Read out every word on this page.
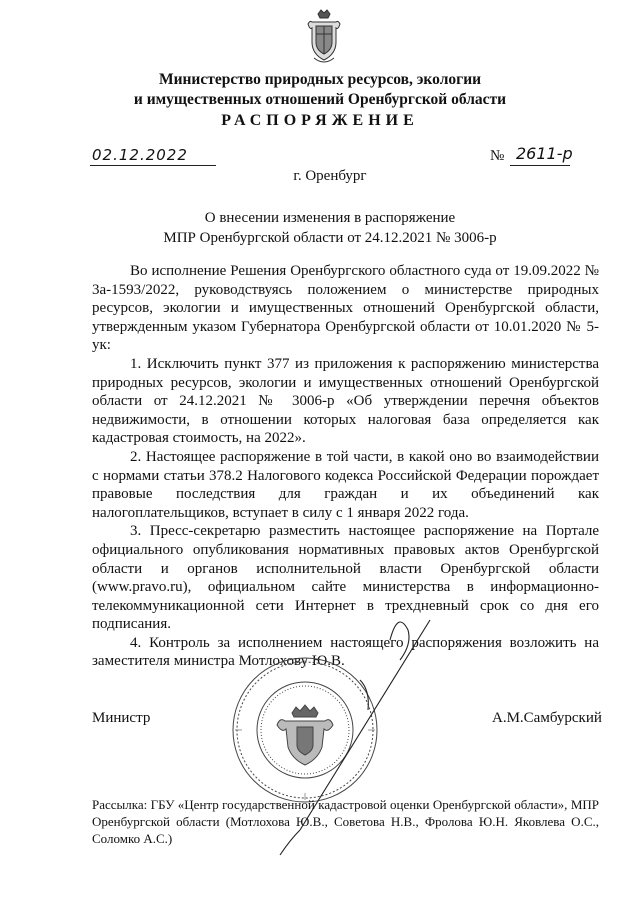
Министерство природных ресурсов, экологии
и имущественных отношений Оренбургской области
РАСПОРЯЖЕНИЕ
02.12.2022	№ 2611-р
г. Оренбург
О внесении изменения в распоряжение
МПР Оренбургской области от 24.12.2021 № 3006-р

Во исполнение Решения Оренбургского областного суда от 19.09.2022 № 3а-1593/2022, руководствуясь положением о министерстве природных ресурсов, экологии и имущественных отношений Оренбургской области, утвержденным указом Губернатора Оренбургской области от 10.01.2020 № 5-ук:

1. Исключить пункт 377 из приложения к распоряжению министерства природных ресурсов, экологии и имущественных отношений Оренбургской области от 24.12.2021 № 3006-р «Об утверждении перечня объектов недвижимости, в отношении которых налоговая база определяется как кадастровая стоимость, на 2022».

2. Настоящее распоряжение в той части, в какой оно во взаимодействии с нормами статьи 378.2 Налогового кодекса Российской Федерации порождает правовые последствия для граждан и их объединений как налогоплательщиков, вступает в силу с 1 января 2022 года.

3. Пресс-секретарю разместить настоящее распоряжение на Портале официального опубликования нормативных правовых актов Оренбургской области и органов исполнительной власти Оренбургской области (www.pravo.ru), официальном сайте министерства в информационно-телекоммуникационной сети Интернет в трехдневный срок со дня его подписания.

4. Контроль за исполнением настоящего распоряжения возложить на заместителя министра Мотлохову Ю.В.

Министр	А.М.Самбурский
Рассылка: ГБУ «Центр государственной кадастровой оценки Оренбургской области», МПР Оренбургской области (Мотлохова Ю.В., Советова Н.В., Фролова Ю.Н. Яковлева О.С., Соломко А.С.)
